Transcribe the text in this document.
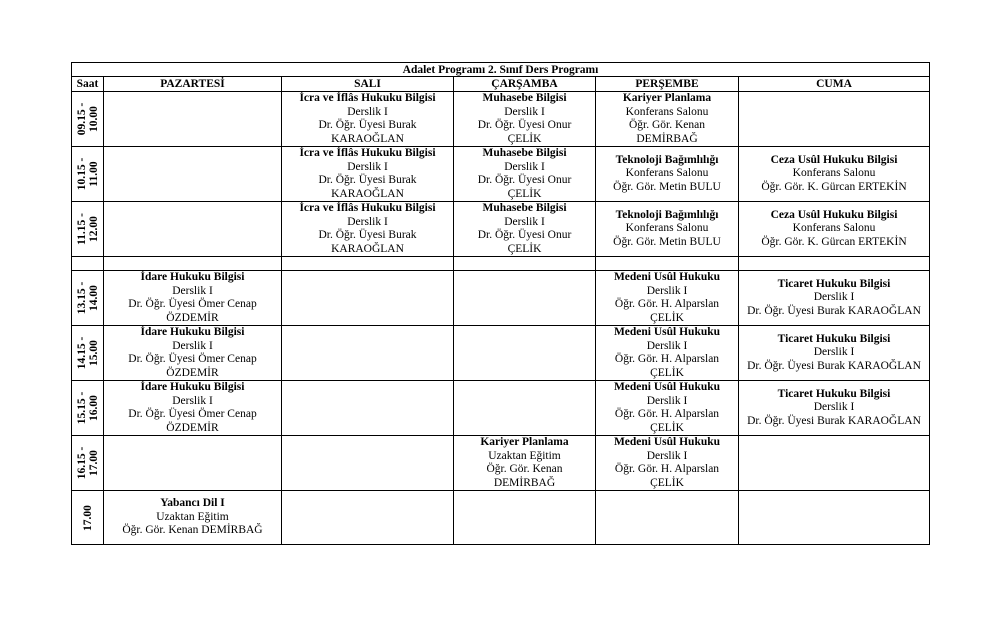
Adalet Programı 2. Sınıf Ders Programı					
Saat	PAZARTESİ	SALI	ÇARŞAMBA	PERŞEMBE	CUMA

09.15 - 10.00		İcra ve İflâs Hukuku Bilgisi
Derslik I
Dr. Öğr. Üyesi Burak
KARAOĞLAN	Muhasebe Bilgisi
Derslik I
Dr. Öğr. Üyesi Onur
ÇELİK	Kariyer Planlama
Konferans Salonu
Öğr. Gör. Kenan
DEMİRBAĞ	

10.15 - 11.00		İcra ve İflâs Hukuku Bilgisi
Derslik I
Dr. Öğr. Üyesi Burak
KARAOĞLAN	Muhasebe Bilgisi
Derslik I
Dr. Öğr. Üyesi Onur
ÇELİK	Teknoloji Bağımlılığı
Konferans Salonu
Öğr. Gör. Metin BULU	Ceza Usûl Hukuku Bilgisi
Konferans Salonu
Öğr. Gör. K. Gürcan ERTEKİN

11.15 - 12.00		İcra ve İflâs Hukuku Bilgisi
Derslik I
Dr. Öğr. Üyesi Burak
KARAOĞLAN	Muhasebe Bilgisi
Derslik I
Dr. Öğr. Üyesi Onur
ÇELİK	Teknoloji Bağımlılığı
Konferans Salonu
Öğr. Gör. Metin BULU	Ceza Usûl Hukuku Bilgisi
Konferans Salonu
Öğr. Gör. K. Gürcan ERTEKİN

13.15 - 14.00	İdare Hukuku Bilgisi
Derslik I
Dr. Öğr. Üyesi Ömer Cenap
ÖZDEMİR			Medeni Usûl Hukuku
Derslik I
Öğr. Gör. H. Alparslan
ÇELİK	Ticaret Hukuku Bilgisi
Derslik I
Dr. Öğr. Üyesi Burak KARAOĞLAN

14.15 - 15.00	İdare Hukuku Bilgisi
Derslik I
Dr. Öğr. Üyesi Ömer Cenap
ÖZDEMİR			Medeni Usûl Hukuku
Derslik I
Öğr. Gör. H. Alparslan
ÇELİK	Ticaret Hukuku Bilgisi
Derslik I
Dr. Öğr. Üyesi Burak KARAOĞLAN

15.15 - 16.00	İdare Hukuku Bilgisi
Derslik I
Dr. Öğr. Üyesi Ömer Cenap
ÖZDEMİR			Medeni Usûl Hukuku
Derslik I
Öğr. Gör. H. Alparslan
ÇELİK	Ticaret Hukuku Bilgisi
Derslik I
Dr. Öğr. Üyesi Burak KARAOĞLAN

16.15 - 17.00			Kariyer Planlama
Uzaktan Eğitim
Öğr. Gör. Kenan
DEMİRBAĞ	Medeni Usûl Hukuku
Derslik I
Öğr. Gör. H. Alparslan
ÇELİK	

17.00	Yabancı Dil I
Uzaktan Eğitim
Öğr. Gör. Kenan DEMİRBAĞ				
